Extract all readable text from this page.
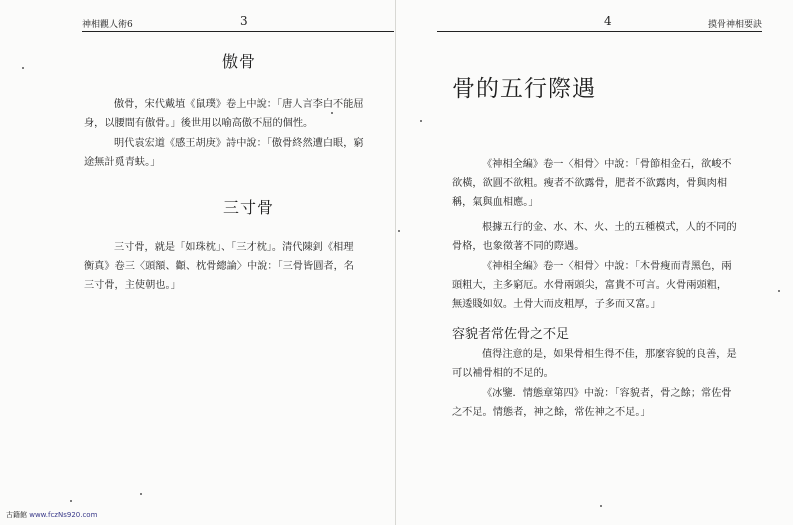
神相觀人術6	3
傲骨
傲骨，宋代戴埴《鼠璞》卷上中說：「唐人言李白不能屈
身，以腰間有傲骨。」後世用以喻高傲不屈的個性。
明代袁宏道《感王胡庚》詩中說：「傲骨終然遭白眼，窮
途無計覓青蚨。」
三寸骨
三寸骨，就是「如珠枕」、「三才枕」。清代陳釗《相理
衡真》卷三〈頭額、顴、枕骨總論〉中說：「三骨皆圓者，名
三寸骨，主使朝也。」
4	摸骨神相要訣
骨的五行際遇
《神相全編》卷一〈相骨〉中說：「骨節相金石，欲峻不
欲橫，欲圓不欲粗。瘦者不欲露骨，肥者不欲露肉，骨與肉相
稱，氣與血相應。」
根據五行的金、水、木、火、土的五種模式，人的不同的
骨格，也象徵著不同的際遇。
《神相全編》卷一〈相骨〉中說：「木骨瘦而青黑色，兩
頭粗大，主多窮厄。水骨兩頭尖，富貴不可言。火骨兩頭粗，
無逶賤如奴。土骨大而皮粗厚，子多而又富。」
容貌者常佐骨之不足
值得注意的是，如果骨相生得不佳，那麼容貌的良善，是
可以補骨相的不足的。
《冰鑒．情態章第四》中說：「容貌者，骨之餘；常佐骨
之不足。情態者，神之餘，常佐神之不足。」
古籍館 www.fczNs920.com
